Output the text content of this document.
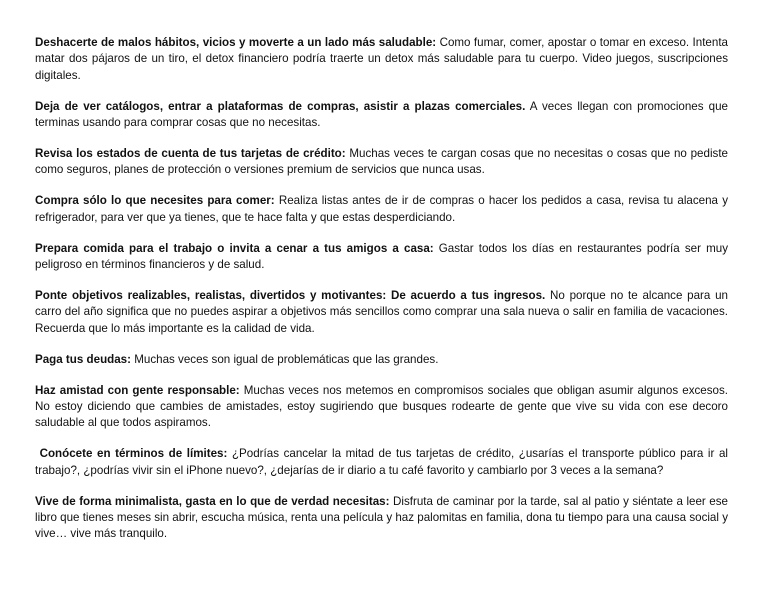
Deshacerte de malos hábitos, vicios y moverte a un lado más saludable: Como fumar, comer, apostar o tomar en exceso. Intenta matar dos pájaros de un tiro, el detox financiero podría traerte un detox más saludable para tu cuerpo. Video juegos, suscripciones digitales.

Deja de ver catálogos, entrar a plataformas de compras, asistir a plazas comerciales. A veces llegan con promociones que terminas usando para comprar cosas que no necesitas.

Revisa los estados de cuenta de tus tarjetas de crédito: Muchas veces te cargan cosas que no necesitas o cosas que no pediste como seguros, planes de protección o versiones premium de servicios que nunca usas.

Compra sólo lo que necesites para comer: Realiza listas antes de ir de compras o hacer los pedidos a casa, revisa tu alacena y refrigerador, para ver que ya tienes, que te hace falta y que estas desperdiciando.

Prepara comida para el trabajo o invita a cenar a tus amigos a casa: Gastar todos los días en restaurantes podría ser muy peligroso en términos financieros y de salud.

Ponte objetivos realizables, realistas, divertidos y motivantes: De acuerdo a tus ingresos. No porque no te alcance para un carro del año significa que no puedes aspirar a objetivos más sencillos como comprar una sala nueva o salir en familia de vacaciones. Recuerda que lo más importante es la calidad de vida.

Paga tus deudas: Muchas veces son igual de problemáticas que las grandes.

Haz amistad con gente responsable: Muchas veces nos metemos en compromisos sociales que obligan asumir algunos excesos. No estoy diciendo que cambies de amistades, estoy sugiriendo que busques rodearte de gente que vive su vida con ese decoro saludable al que todos aspiramos.

Conócete en términos de límites: ¿Podrías cancelar la mitad de tus tarjetas de crédito, ¿usarías el transporte público para ir al trabajo?, ¿podrías vivir sin el iPhone nuevo?, ¿dejarías de ir diario a tu café favorito y cambiarlo por 3 veces a la semana?

Vive de forma minimalista, gasta en lo que de verdad necesitas: Disfruta de caminar por la tarde, sal al patio y siéntate a leer ese libro que tienes meses sin abrir, escucha música, renta una película y haz palomitas en familia, dona tu tiempo para una causa social y vive… vive más tranquilo.
